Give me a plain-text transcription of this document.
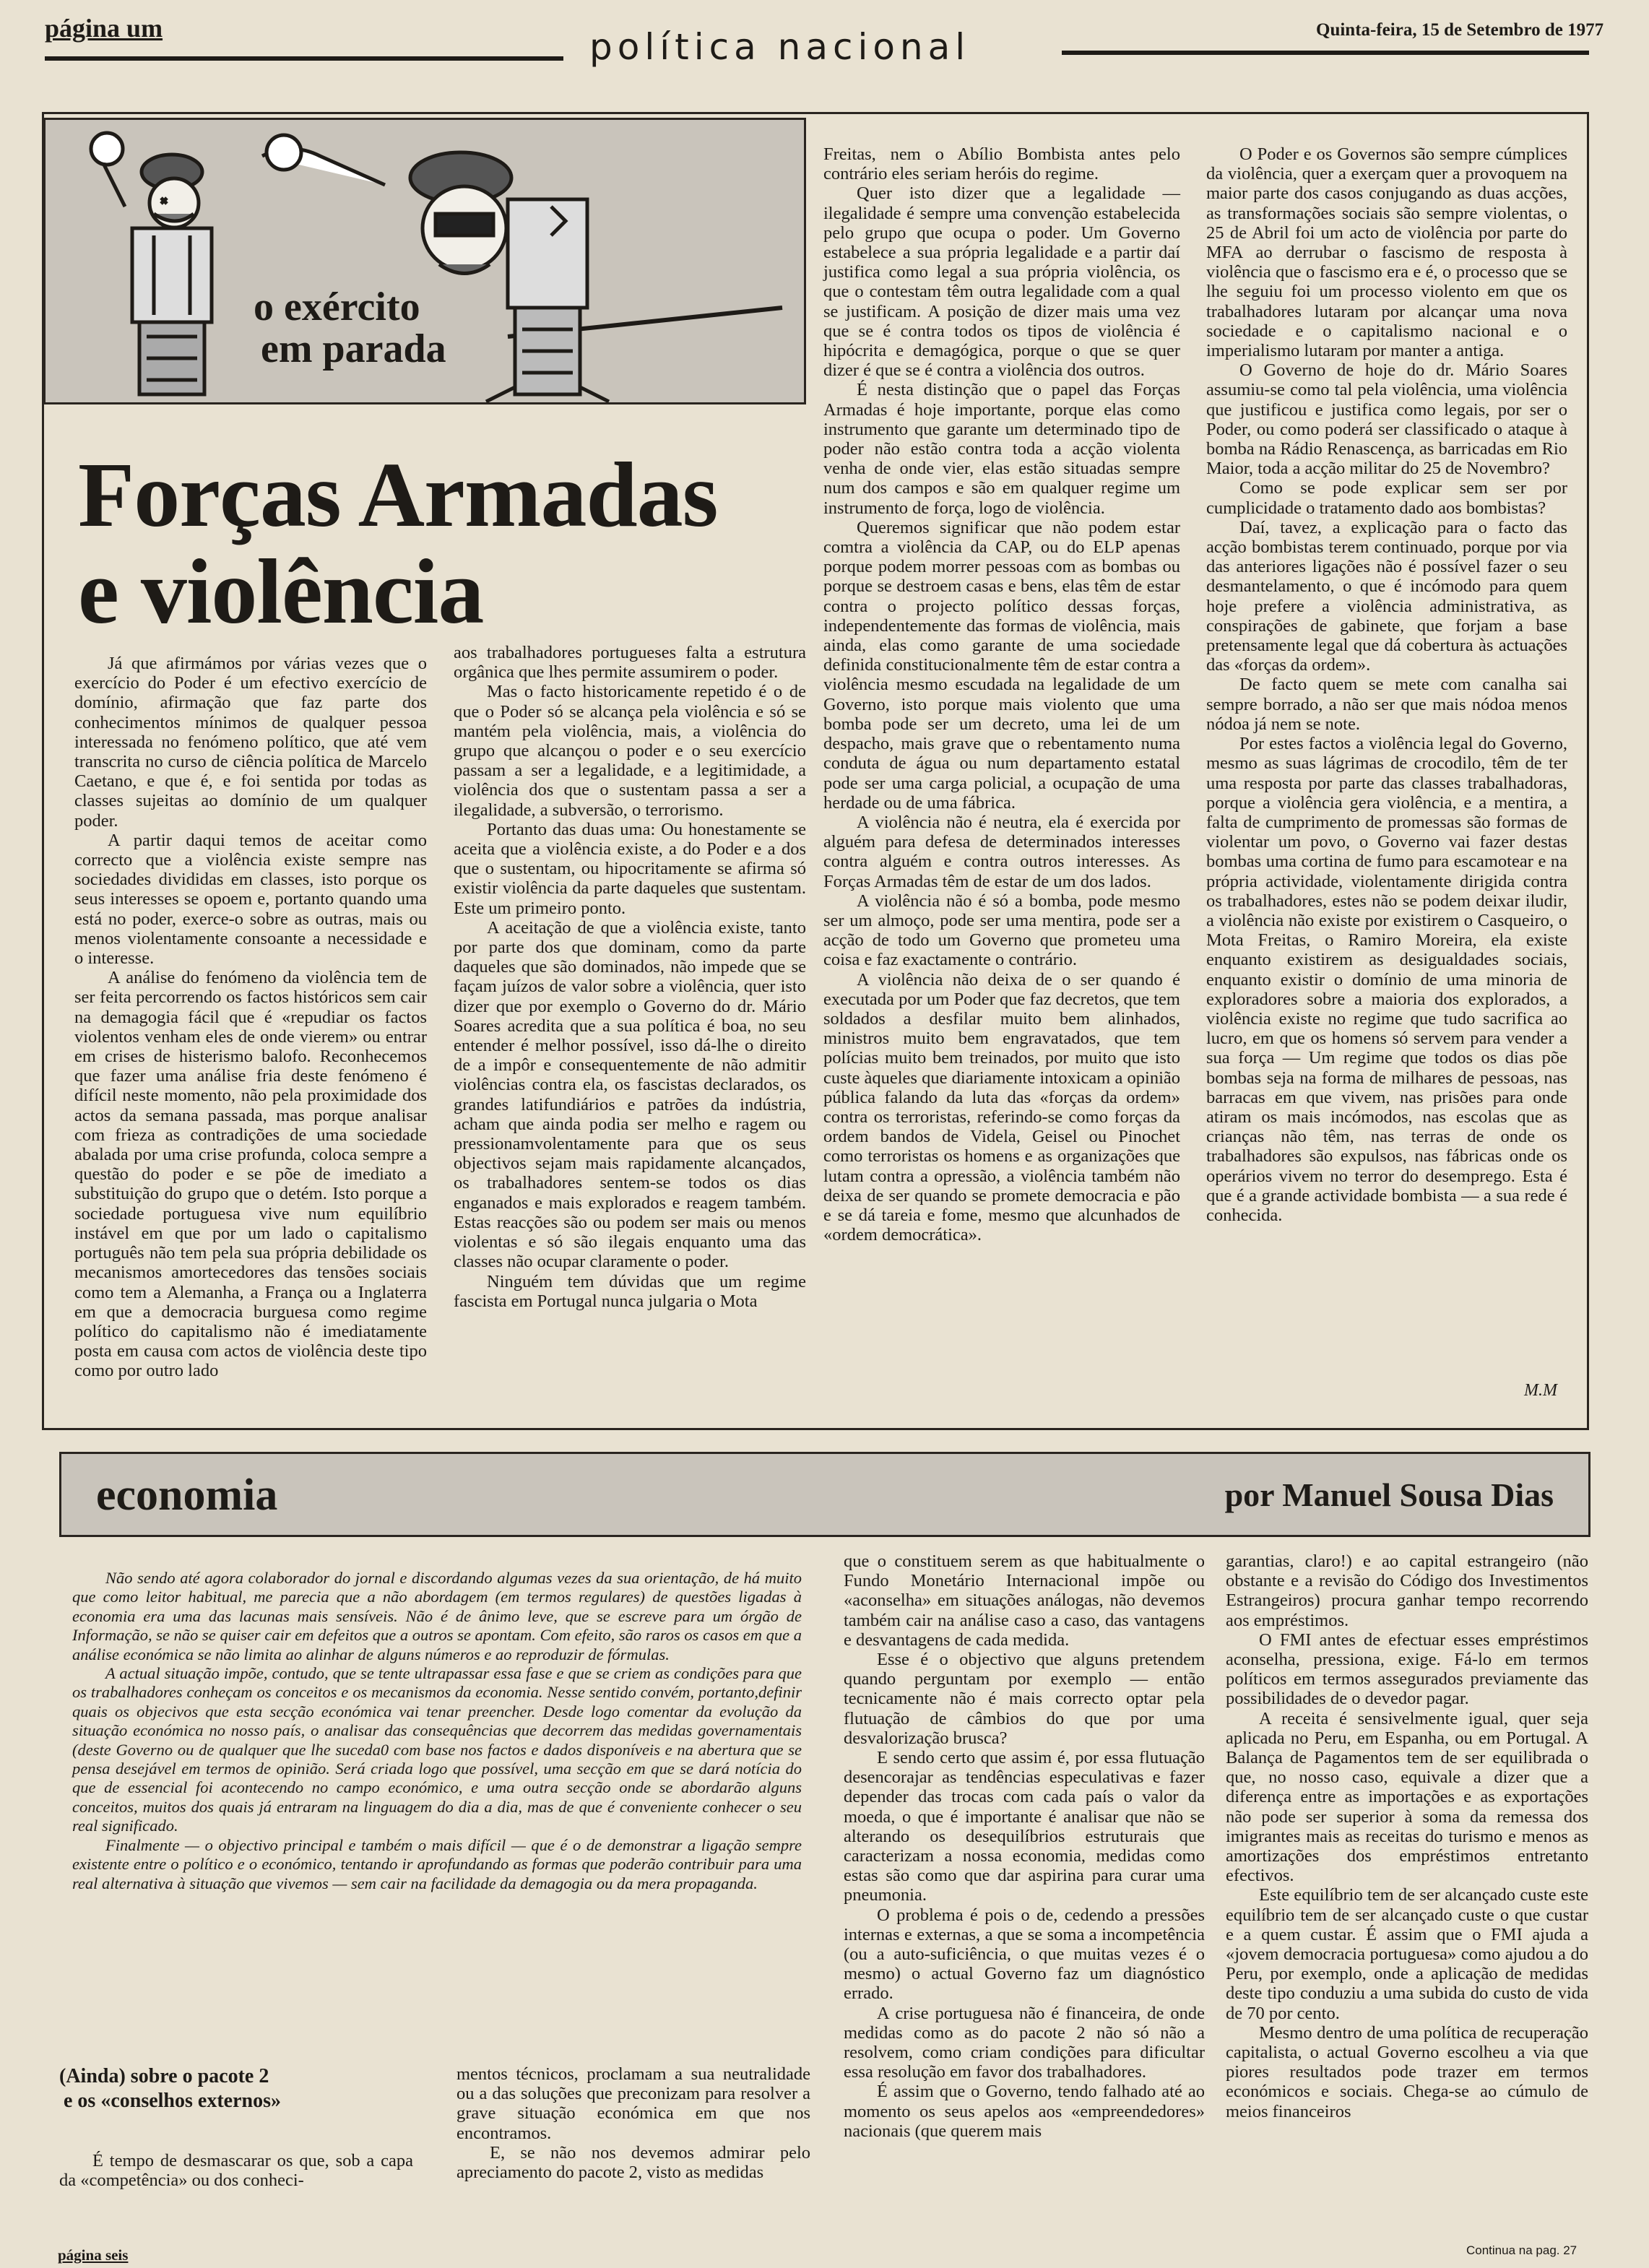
página um	política nacional	Quinta-feira, 15 de Setembro de 1977
o exército
em parada
Forças Armadas
e violência

Já que afirmámos por várias vezes que o exercício do Poder é um efectivo exercício de domínio, afirmação que faz parte dos conhecimentos mínimos de qualquer pessoa interessada no fenómeno político, que até vem transcrita no curso de ciência política de Marcelo Caetano, e que é, e foi sentida por todas as classes sujeitas ao domínio de um qualquer poder.

A partir daqui temos de aceitar como correcto que a violência existe sempre nas sociedades divididas em classes, isto porque os seus interesses se opoem e, portanto quando uma está no poder, exerce-o sobre as outras, mais ou menos violentamente consoante a necessidade e o interesse.

A análise do fenómeno da violência tem de ser feita percorrendo os factos históricos sem cair na demagogia fácil que é «repudiar os factos violentos venham eles de onde vierem» ou entrar em crises de histerismo balofo. Reconhecemos que fazer uma análise fria deste fenómeno é difícil neste momento, não pela proximidade dos actos da semana passada, mas porque analisar com frieza as contradições de uma sociedade abalada por uma crise profunda, coloca sempre a questão do poder e se põe de imediato a substituição do grupo que o detém. Isto porque a sociedade portuguesa vive num equilíbrio instável em que por um lado o capitalismo português não tem pela sua própria debilidade os mecanismos amortecedores das tensões sociais como tem a Alemanha, a França ou a Inglaterra em que a democracia burguesa como regime político do capitalismo não é imediatamente posta em causa com actos de violência deste tipo como por outro lado

aos trabalhadores portugueses falta a estrutura orgânica que lhes permite assumirem o poder.

Mas o facto historicamente repetido é o de que o Poder só se alcança pela violência e só se mantém pela violência, mais, a violência do grupo que alcançou o poder e o seu exercício passam a ser a legalidade, e a legitimidade, a violência dos que o sustentam passa a ser a ilegalidade, a subversão, o terrorismo.

Portanto das duas uma: Ou honestamente se aceita que a violência existe, a do Poder e a dos que o sustentam, ou hipocritamente se afirma só existir violência da parte daqueles que sustentam. Este um primeiro ponto.

A aceitação de que a violência existe, tanto por parte dos que dominam, como da parte daqueles que são dominados, não impede que se façam juízos de valor sobre a violência, quer isto dizer que por exemplo o Governo do dr. Mário Soares acredita que a sua política é boa, no seu entender é melhor possível, isso dá-lhe o direito de a impôr e consequentemente de não admitir violências contra ela, os fascistas declarados, os grandes latifundiários e patrões da indústria, acham que ainda podia ser melho e ragem ou pressionamvolentamente para que os seus objectivos sejam mais rapidamente alcançados, os trabalhadores sentem-se todos os dias enganados e mais explorados e reagem também. Estas reacções são ou podem ser mais ou menos violentas e só são ilegais enquanto uma das classes não ocupar claramente o poder.

Ninguém tem dúvidas que um regime fascista em Portugal nunca julgaria o Mota

Freitas, nem o Abílio Bombista antes pelo contrário eles seriam heróis do regime.

Quer isto dizer que a legalidade — ilegalidade é sempre uma convenção estabelecida pelo grupo que ocupa o poder. Um Governo estabelece a sua própria legalidade e a partir daí justifica como legal a sua própria violência, os que o contestam têm outra legalidade com a qual se justificam. A posição de dizer mais uma vez que se é contra todos os tipos de violência é hipócrita e demagógica, porque o que se quer dizer é que se é contra a violência dos outros.

É nesta distinção que o papel das Forças Armadas é hoje importante, porque elas como instrumento que garante um determinado tipo de poder não estão contra toda a acção violenta venha de onde vier, elas estão situadas sempre num dos campos e são em qualquer regime um instrumento de força, logo de violência.

Queremos significar que não podem estar comtra a violência da CAP, ou do ELP apenas porque podem morrer pessoas com as bombas ou porque se destroem casas e bens, elas têm de estar contra o projecto político dessas forças, independentemente das formas de violência, mais ainda, elas como garante de uma sociedade definida constitucionalmente têm de estar contra a violência mesmo escudada na legalidade de um Governo, isto porque mais violento que uma bomba pode ser um decreto, uma lei de um despacho, mais grave que o rebentamento numa conduta de água ou num departamento estatal pode ser uma carga policial, a ocupação de uma herdade ou de uma fábrica.

A violência não é neutra, ela é exercida por alguém para defesa de determinados interesses contra alguém e contra outros interesses. As Forças Armadas têm de estar de um dos lados.

A violência não é só a bomba, pode mesmo ser um almoço, pode ser uma mentira, pode ser a acção de todo um Governo que prometeu uma coisa e faz exactamente o contrário.

A violência não deixa de o ser quando é executada por um Poder que faz decretos, que tem soldados a desfilar muito bem alinhados, ministros muito bem engravatados, que tem polícias muito bem treinados, por muito que isto custe àqueles que diariamente intoxicam a opinião pública falando da luta das «forças da ordem» contra os terroristas, referindo-se como forças da ordem bandos de Videla, Geisel ou Pinochet como terroristas os homens e as organizações que lutam contra a opressão, a violência também não deixa de ser quando se promete democracia e pão e se dá tareia e fome, mesmo que alcunhados de «ordem democrática».

O Poder e os Governos são sempre cúmplices da violência, quer a exerçam quer a provoquem na maior parte dos casos conjugando as duas acções, as transformações sociais são sempre violentas, o 25 de Abril foi um acto de violência por parte do MFA ao derrubar o fascismo de resposta à violência que o fascismo era e é, o processo que se lhe seguiu foi um processo violento em que os trabalhadores lutaram por alcançar uma nova sociedade e o capitalismo nacional e o imperialismo lutaram por manter a antiga.

O Governo de hoje do dr. Mário Soares assumiu-se como tal pela violência, uma violência que justificou e justifica como legais, por ser o Poder, ou como poderá ser classificado o ataque à bomba na Rádio Renascença, as barricadas em Rio Maior, toda a acção militar do 25 de Novembro?

Como se pode explicar sem ser por cumplicidade o tratamento dado aos bombistas?

Daí, tavez, a explicação para o facto das acção bombistas terem continuado, porque por via das anteriores ligações não é possível fazer o seu desmantelamento, o que é incómodo para quem hoje prefere a violência administrativa, as conspirações de gabinete, que forjam a base pretensamente legal que dá cobertura às actuações das «forças da ordem».

De facto quem se mete com canalha sai sempre borrado, a não ser que mais nódoa menos nódoa já nem se note.

Por estes factos a violência legal do Governo, mesmo as suas lágrimas de crocodilo, têm de ter uma resposta por parte das classes trabalhadoras, porque a violência gera violência, e a mentira, a falta de cumprimento de promessas são formas de violentar um povo, o Governo vai fazer destas bombas uma cortina de fumo para escamotear e na própria actividade, violentamente dirigida contra os trabalhadores, estes não se podem deixar iludir, a violência não existe por existirem o Casqueiro, o Mota Freitas, o Ramiro Moreira, ela existe enquanto existirem as desigualdades sociais, enquanto existir o domínio de uma minoria de exploradores sobre a maioria dos explorados, a violência existe no regime que tudo sacrifica ao lucro, em que os homens só servem para vender a sua força — Um regime que todos os dias põe bombas seja na forma de milhares de pessoas, nas barracas em que vivem, nas prisões para onde atiram os mais incómodos, nas escolas que as crianças não têm, nas terras de onde os trabalhadores são expulsos, nas fábricas onde os operários vivem no terror do desemprego. Esta é que é a grande actividade bombista — a sua rede é conhecida.

M.M
economia	por Manuel Sousa Dias

Não sendo até agora colaborador do jornal e discordando algumas vezes da sua orientação, de há muito que como leitor habitual, me parecia que a não abordagem (em termos regulares) de questões ligadas à economia era uma das lacunas mais sensíveis. Não é de ânimo leve, que se escreve para um órgão de Informação, se não se quiser cair em defeitos que a outros se apontam. Com efeito, são raros os casos em que a análise económica se não limita ao alinhar de alguns números e ao reproduzir de fórmulas.

A actual situação impõe, contudo, que se tente ultrapassar essa fase e que se criem as condições para que os trabalhadores conheçam os conceitos e os mecanismos da economia. Nesse sentido convém, portanto,definir quais os objecivos que esta secção económica vai tenar preencher. Desde logo comentar da evolução da situação económica no nosso país, o analisar das consequências que decorrem das medidas governamentais (deste Governo ou de qualquer que lhe suceda0 com base nos factos e dados disponíveis e na abertura que se pensa desejável em termos de opinião. Será criada logo que possível, uma secção em que se dará notícia do que de essencial foi acontecendo no campo económico, e uma outra secção onde se abordarão alguns conceitos, muitos dos quais já entraram na linguagem do dia a dia, mas de que é conveniente conhecer o seu real significado.

Finalmente — o objectivo principal e também o mais difícil — que é o de demonstrar a ligação sempre existente entre o político e o económico, tentando ir aprofundando as formas que poderão contribuir para uma real alternativa à situação que vivemos — sem cair na facilidade da demagogia ou da mera propaganda.

que o constituem serem as que habitualmente o Fundo Monetário Internacional impõe ou «aconselha» em situações análogas, não devemos também cair na análise caso a caso, das vantagens e desvantagens de cada medida.

Esse é o objectivo que alguns pretendem quando perguntam por exemplo — então tecnicamente não é mais correcto optar pela flutuação de câmbios do que por uma desvalorização brusca?

E sendo certo que assim é, por essa flutuação desencorajar as tendências especulativas e fazer depender das trocas com cada país o valor da moeda, o que é importante é analisar que não se alterando os desequilíbrios estruturais que caracterizam a nossa economia, medidas como estas são como que dar aspirina para curar uma pneumonia.

O problema é pois o de, cedendo a pressões internas e externas, a que se soma a incompetência (ou a auto-suficiência, o que muitas vezes é o mesmo) o actual Governo faz um diagnóstico errado.

A crise portuguesa não é financeira, de onde medidas como as do pacote 2 não só não a resolvem, como criam condições para dificultar essa resolução em favor dos trabalhadores.

É assim que o Governo, tendo falhado até ao momento os seus apelos aos «empreendedores» nacionais (que querem mais

garantias, claro!) e ao capital estrangeiro (não obstante e a revisão do Código dos Investimentos Estrangeiros) procura ganhar tempo recorrendo aos empréstimos.

O FMI antes de efectuar esses empréstimos aconselha, pressiona, exige. Fá-lo em termos políticos em termos assegurados previamente das possibilidades de o devedor pagar.

A receita é sensivelmente igual, quer seja aplicada no Peru, em Espanha, ou em Portugal. A Balança de Pagamentos tem de ser equilibrada o que, no nosso caso, equivale a dizer que a diferença entre as importações e as exportações não pode ser superior à soma da remessa dos imigrantes mais as receitas do turismo e menos as amortizações dos empréstimos entretanto efectivos.

Este equilíbrio tem de ser alcançado custe este equilíbrio tem de ser alcançado custe o que custar e a quem custar. É assim que o FMI ajuda a «jovem democracia portuguesa» como ajudou a do Peru, por exemplo, onde a aplicação de medidas deste tipo conduziu a uma subida do custo de vida de 70 por cento.

Mesmo dentro de uma política de recuperação capitalista, o actual Governo escolheu a via que piores resultados pode trazer em termos económicos e sociais. Chega-se ao cúmulo de meios financeiros

Continua na pag. 27
(Ainda) sobre o pacote 2
e os «conselhos externos»

É tempo de desmascarar os que, sob a capa da «competência» ou dos conheci-

mentos técnicos, proclamam a sua neutralidade ou a das soluções que preconizam para resolver a grave situação económica em que nos encontramos.

E, se não nos devemos admirar pelo apreciamento do pacote 2, visto as medidas

página seis
